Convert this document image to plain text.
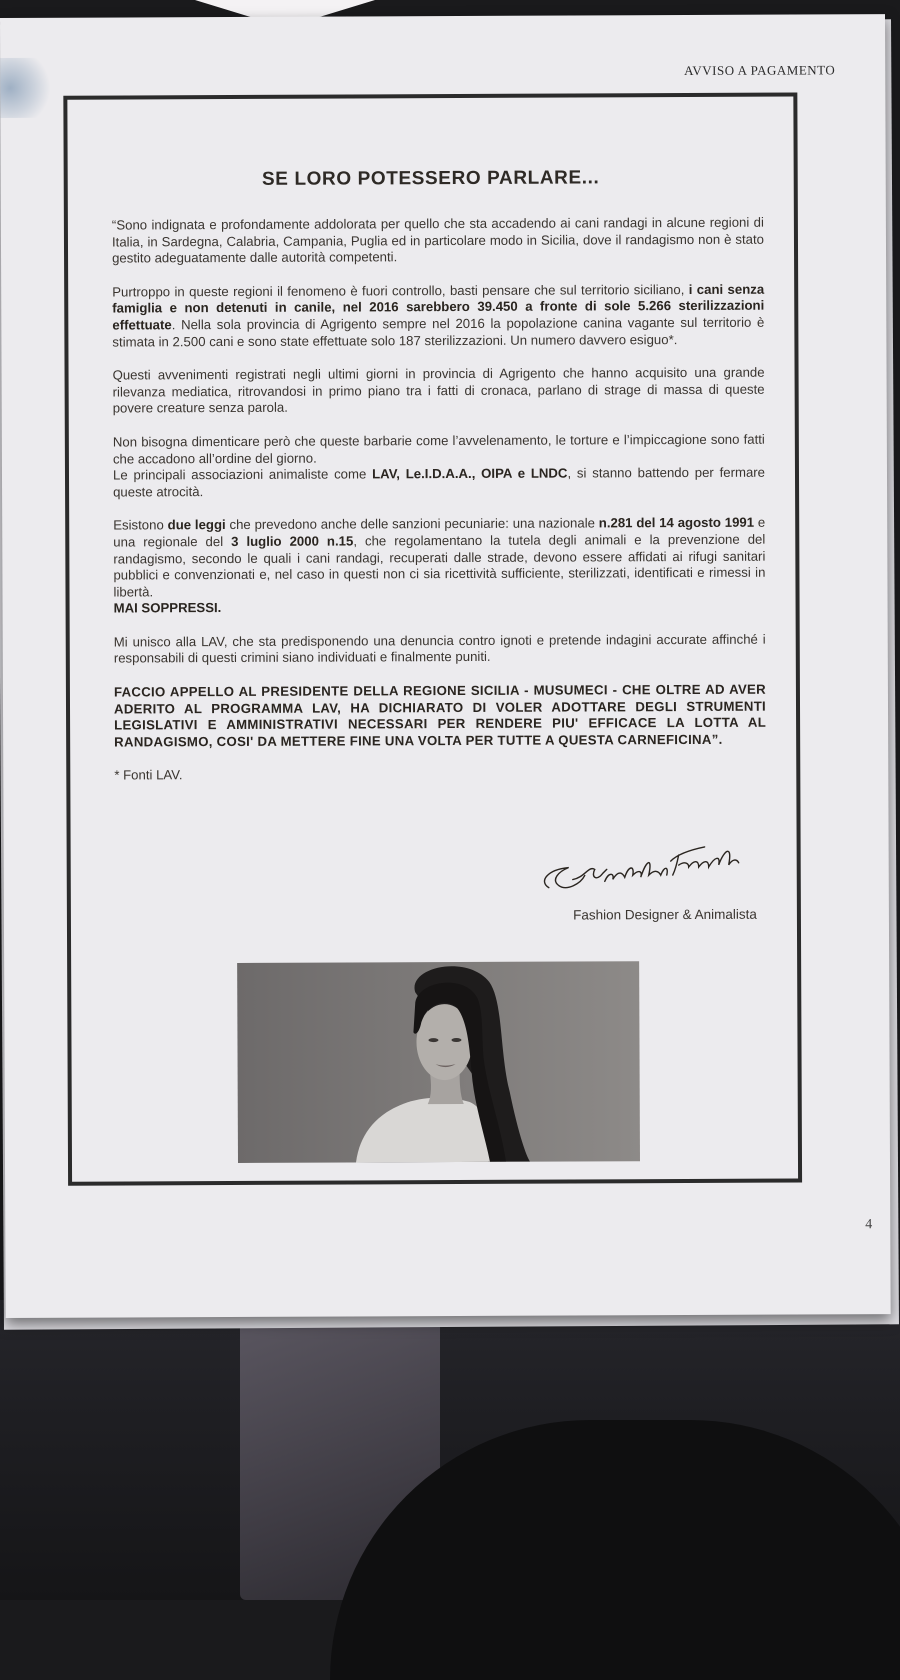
AVVISO A PAGAMENTO
4
SE LORO POTESSERO PARLARE...

“Sono indignata e profondamente addolorata per quello che sta accadendo ai cani randagi in alcune regioni di Italia, in Sardegna, Calabria, Campania, Puglia ed in particolare modo in Sicilia, dove il randagismo non è stato gestito adeguatamente dalle autorità competenti.

Purtroppo in queste regioni il fenomeno è fuori controllo, basti pensare che sul territorio siciliano, i cani senza famiglia e non detenuti in canile, nel 2016 sarebbero 39.450 a fronte di sole 5.266 sterilizzazioni effettuate. Nella sola provincia di Agrigento sempre nel 2016 la popolazione canina vagante sul territorio è stimata in 2.500 cani e sono state effettuate solo 187 sterilizzazioni. Un numero davvero esiguo*.

Questi avvenimenti registrati negli ultimi giorni in provincia di Agrigento che hanno acquisito una grande rilevanza mediatica, ritrovandosi in primo piano tra i fatti di cronaca, parlano di strage di massa di queste povere creature senza parola.

Non bisogna dimenticare però che queste barbarie come l’avvelenamento, le torture e l’impiccagione sono fatti che accadono all’ordine del giorno.
Le principali associazioni animaliste come LAV, Le.I.D.A.A., OIPA e LNDC, si stanno battendo per fermare queste atrocità.

Esistono due leggi che prevedono anche delle sanzioni pecuniarie: una nazionale n.281 del 14 agosto 1991 e una regionale del 3 luglio 2000 n.15, che regolamentano la tutela degli animali e la prevenzione del randagismo, secondo le quali i cani randagi, recuperati dalle strade, devono essere affidati ai rifugi sanitari pubblici e convenzionati e, nel caso in questi non ci sia ricettività sufficiente, sterilizzati, identificati e rimessi in libertà.
MAI SOPPRESSI.

Mi unisco alla LAV, che sta predisponendo una denuncia contro ignoti e pretende indagini accurate affinché i responsabili di questi crimini siano individuati e finalmente puniti.

FACCIO APPELLO AL PRESIDENTE DELLA REGIONE SICILIA - MUSUMECI - CHE OLTRE AD AVER ADERITO AL PROGRAMMA LAV, HA DICHIARATO DI VOLER ADOTTARE DEGLI STRUMENTI LEGISLATIVI E AMMINISTRATIVI NECESSARI PER RENDERE PIU' EFFICACE LA LOTTA AL RANDAGISMO, COSI' DA METTERE FINE UNA VOLTA PER TUTTE A QUESTA CARNEFICINA”.

* Fonti LAV.

Fashion Designer & Animalista
